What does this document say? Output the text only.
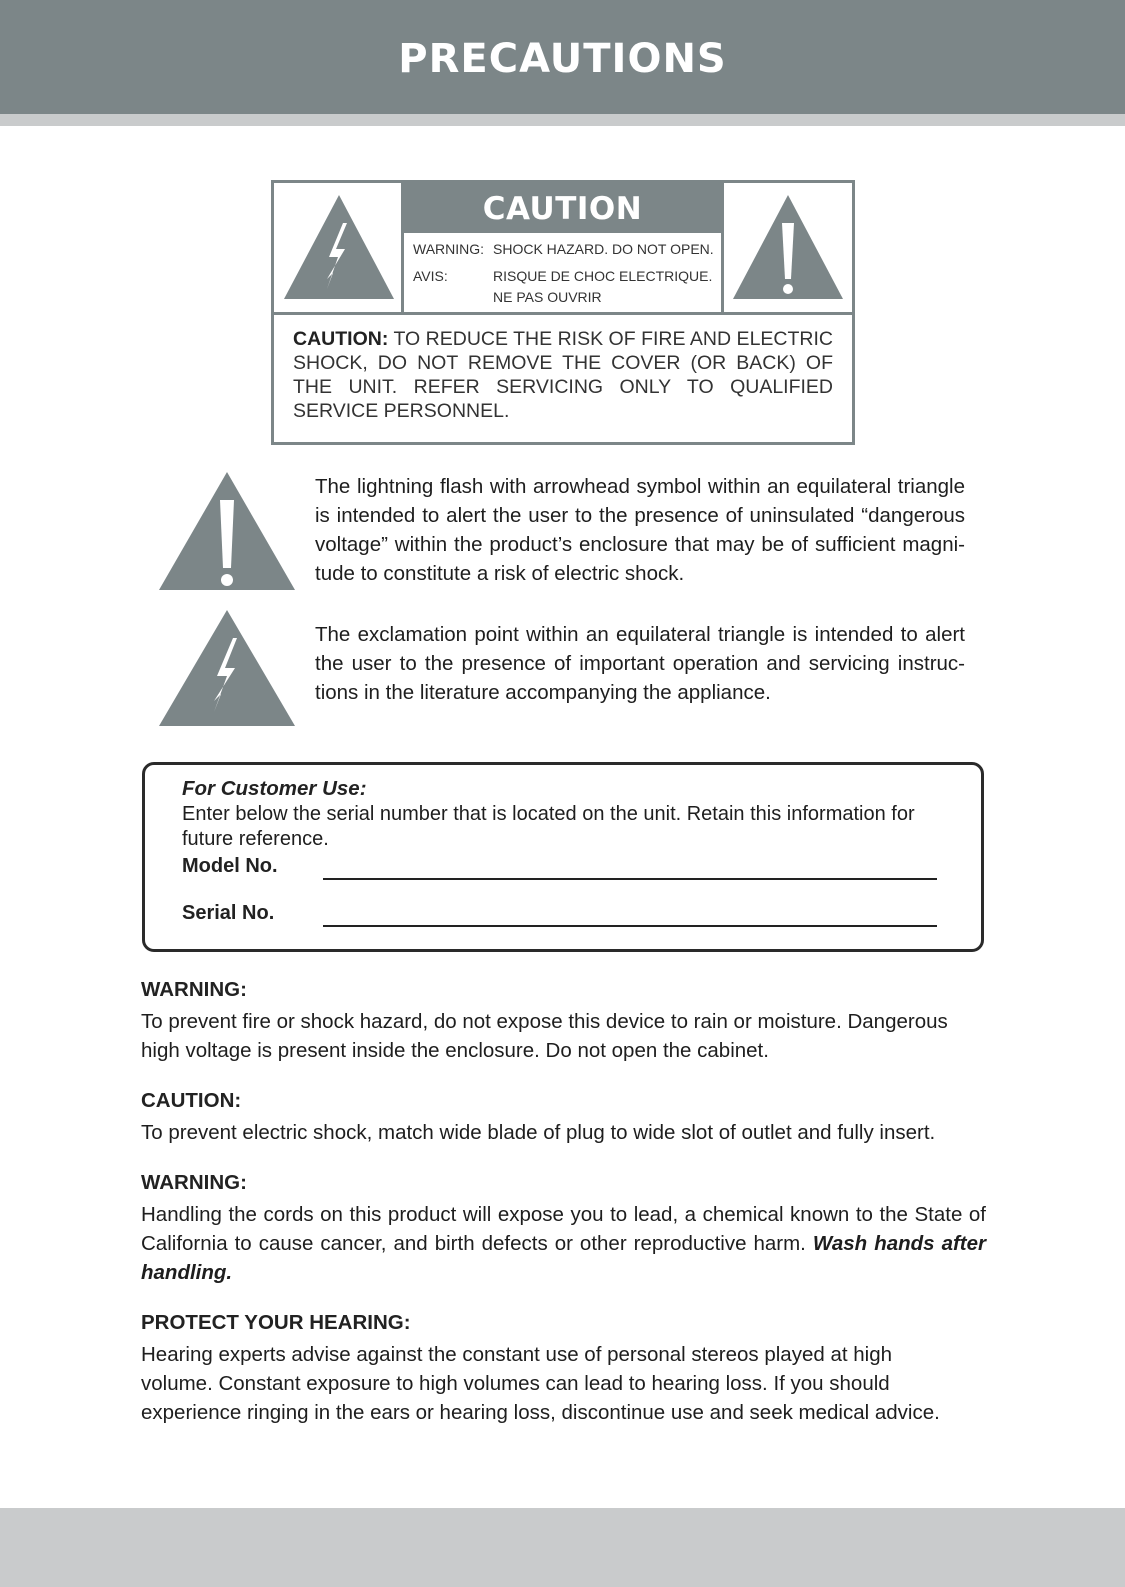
PRECAUTIONS
CAUTION
WARNING: SHOCK HAZARD. DO NOT OPEN.
AVIS:	RISQUE DE CHOC ELECTRIQUE.
NE PAS OUVRIR
CAUTION: TO REDUCE THE RISK OF FIRE AND ELECTRIC SHOCK, DO NOT REMOVE THE COVER (OR BACK) OF THE UNIT. REFER SERVICING ONLY TO QUALIFIED SERVICE PERSONNEL.
The lightning flash with arrowhead symbol within an equilateral triangle is intended to alert the user to the presence of uninsulated “dangerous voltage” within the product’s enclosure that may be of sufficient magni-tude to constitute a risk of electric shock.
The exclamation point within an equilateral triangle is intended to alert the user to the presence of important operation and servicing instruc-tions in the literature accompanying the appliance.
For Customer Use:
Enter below the serial number that is located on the unit. Retain this information for future reference.
Model No.
Serial No.
WARNING:
To prevent fire or shock hazard, do not expose this device to rain or moisture. Dangerous high voltage is present inside the enclosure. Do not open the cabinet.
CAUTION:
To prevent electric shock, match wide blade of plug to wide slot of outlet and fully insert.
WARNING:
Handling the cords on this product will expose you to lead, a chemical known to the State of California to cause cancer, and birth defects or other reproductive harm. Wash hands after handling.
PROTECT YOUR HEARING:
Hearing experts advise against the constant use of personal stereos played at high volume. Constant exposure to high volumes can lead to hearing loss. If you should experience ringing in the ears or hearing loss, discontinue use and seek medical advice.
